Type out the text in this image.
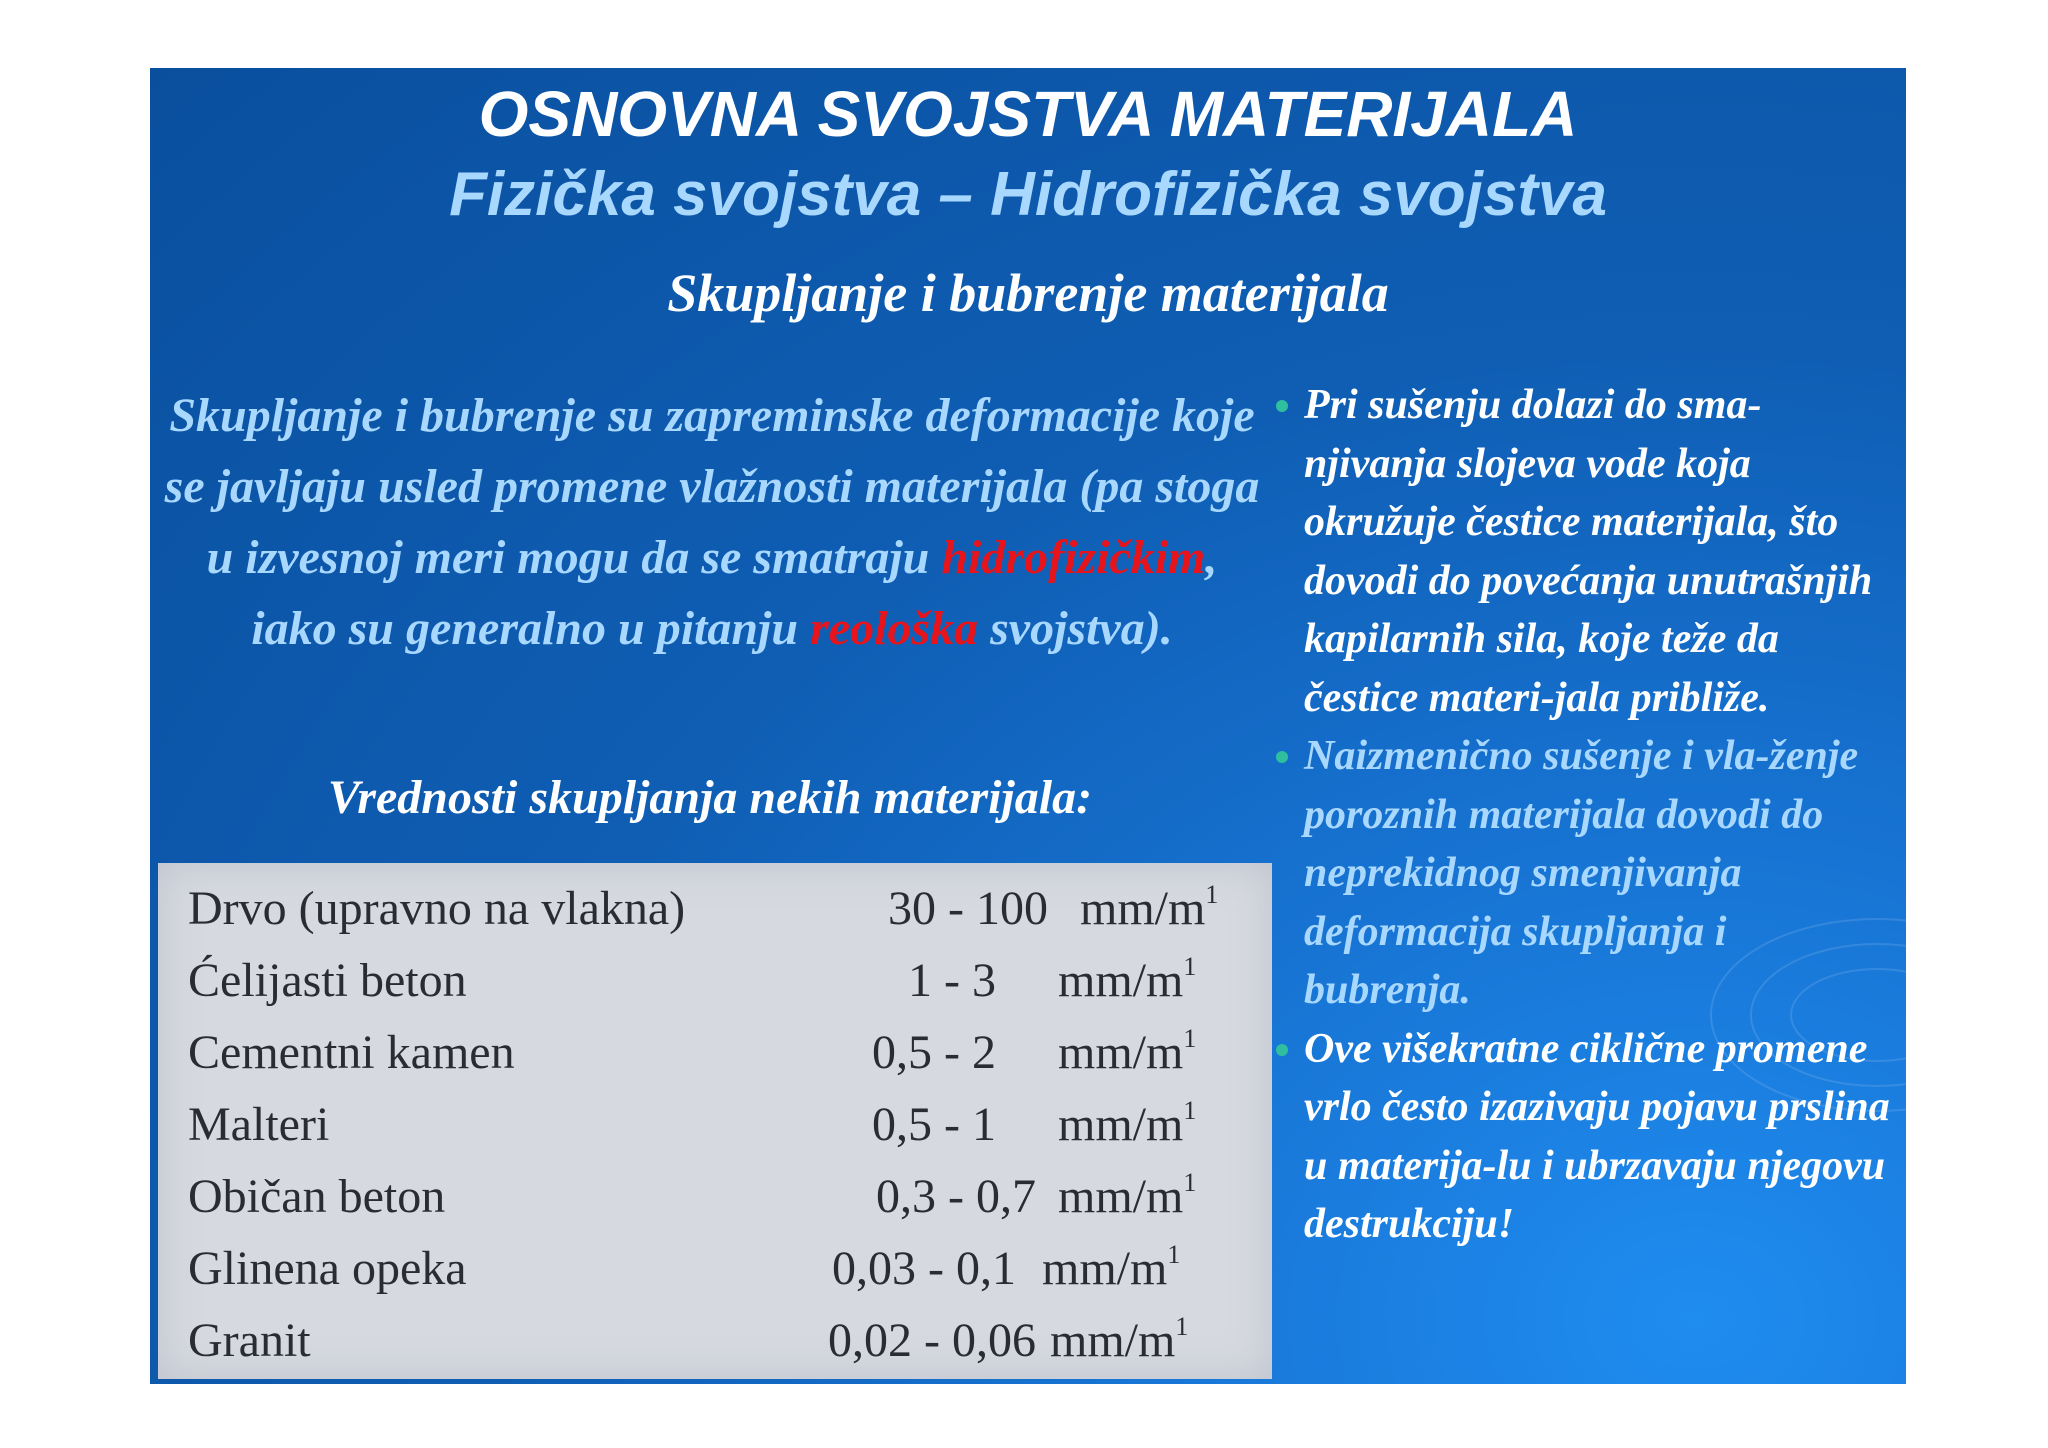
OSNOVNA SVOJSTVA MATERIJALA
Fizička svojstva – Hidrofizička svojstva
Skupljanje i bubrenje materijala

Skupljanje i bubrenje su zapreminske deformacije koje se javljaju usled promene vlažnosti materijala (pa stoga u izvesnoj meri mogu da se smatraju hidrofizičkim, iako su generalno u pitanju reološka svojstva).

Vrednosti skupljanja nekih materijala:
Drvo (upravno na vlakna)	30 - 100 $mm/m^1$
Ćelijasti beton	1 - 3 $mm/m^1$
Cementni kamen	0,5 - 2 $mm/m^1$
Malteri	0,5 - 1 $mm/m^1$
Običan beton	0,3 - 0,7 $mm/m^1$
Glinena opeka	0,03 - 0,1 $mm/m^1$
Granit	0,02 - 0,06 $mm/m^1$

Pri sušenju dolazi do sma-njivanja slojeva vode koja okružuje čestice materijala, što dovodi do povećanja unutrašnjih kapilarnih sila, koje teže da čestice materi-jala približe.

Naizmenično sušenje i vla-ženje poroznih materijala dovodi do neprekidnog smenjivanja deformacija skupljanja i bubrenja.

Ove višekratne ciklične promene vrlo često izazivaju pojavu prslina u materija-lu i ubrzavaju njegovu destrukciju!
